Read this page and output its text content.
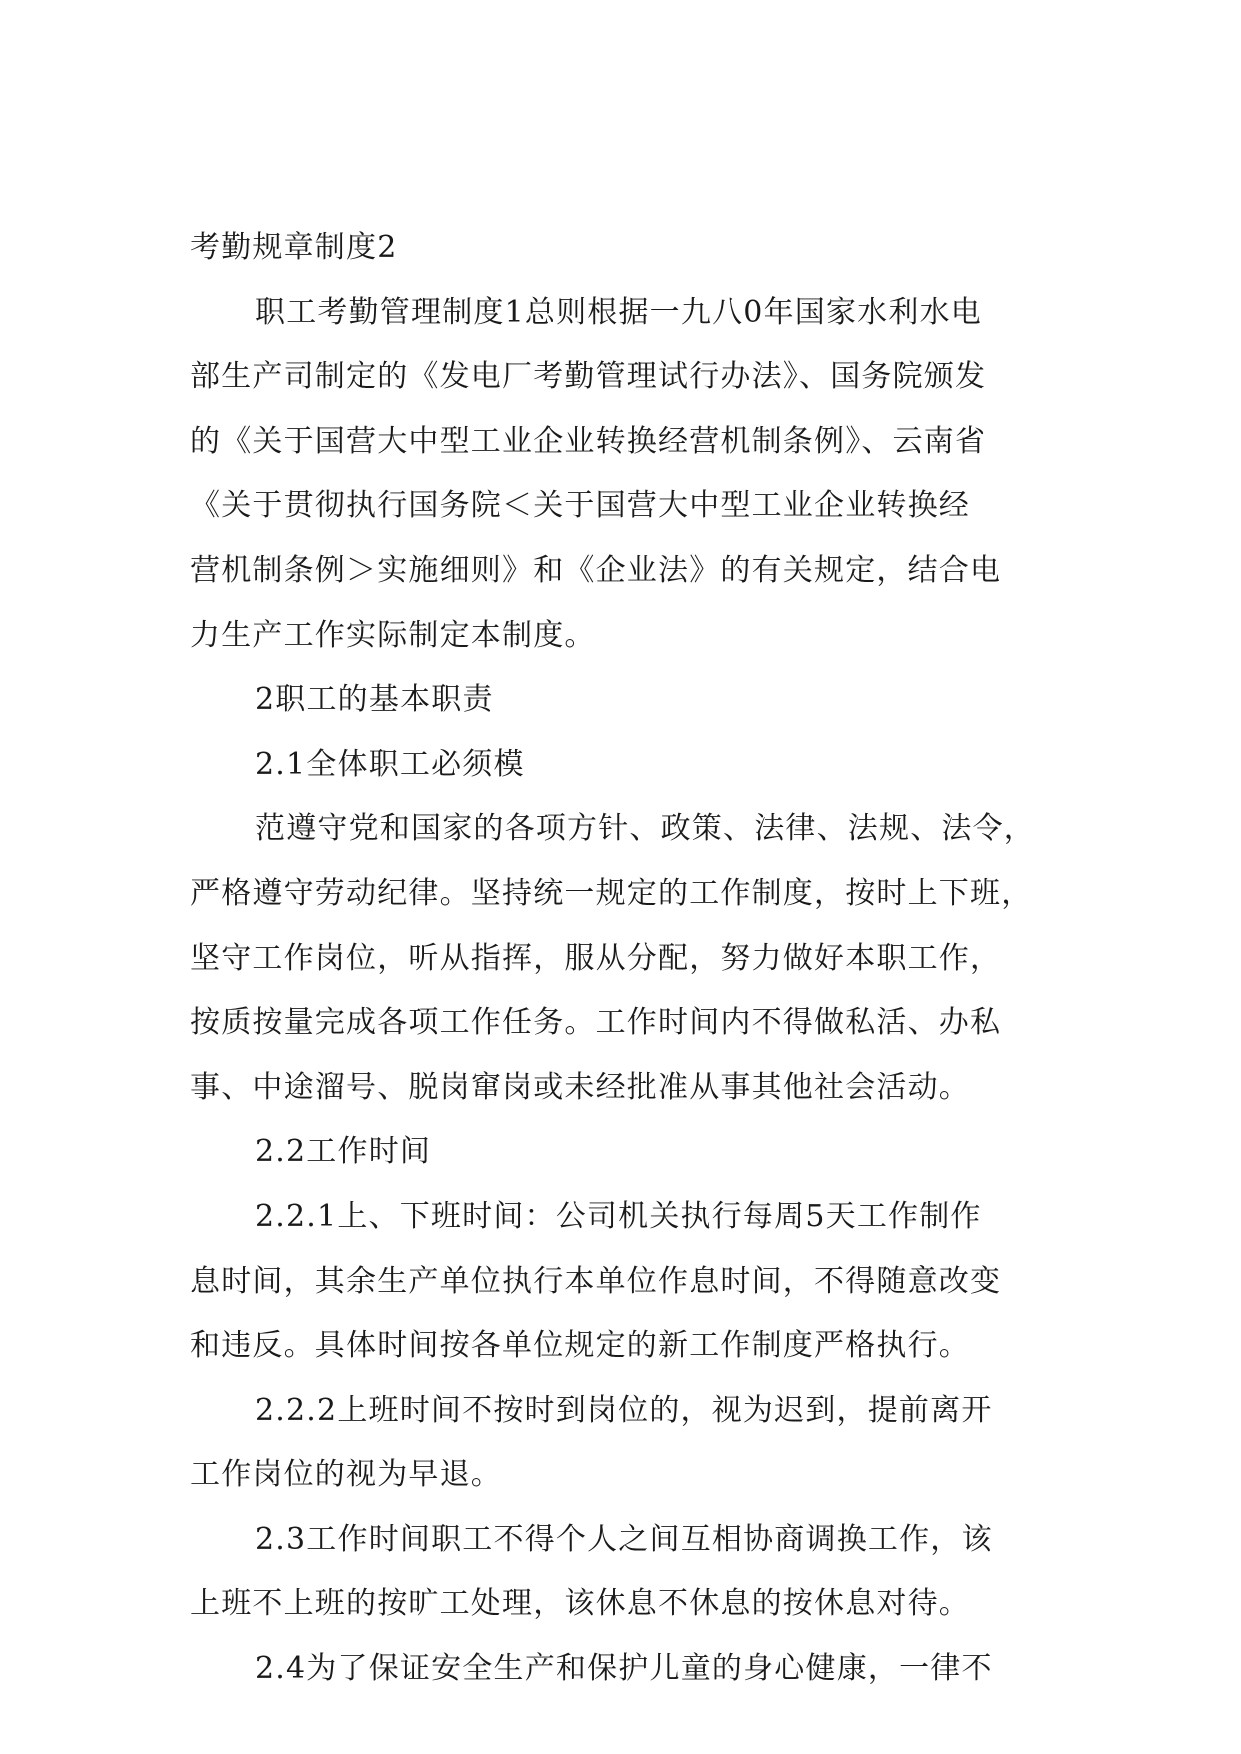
考勤规章制度2
职工考勤管理制度1总则根据一九八0年国家水利水电
部生产司制定的《发电厂考勤管理试行办法》、国务院颁发
的《关于国营大中型工业企业转换经营机制条例》、云南省
《关于贯彻执行国务院＜关于国营大中型工业企业转换经
营机制条例＞实施细则》和《企业法》的有关规定，结合电
力生产工作实际制定本制度。
2职工的基本职责
2.1全体职工必须模
范遵守党和国家的各项方针、政策、法律、法规、法令，
严格遵守劳动纪律。坚持统一规定的工作制度，按时上下班，
坚守工作岗位，听从指挥，服从分配，努力做好本职工作，
按质按量完成各项工作任务。工作时间内不得做私活、办私
事、中途溜号、脱岗窜岗或未经批准从事其他社会活动。
2.2工作时间
2.2.1上、下班时间：公司机关执行每周5天工作制作
息时间，其余生产单位执行本单位作息时间，不得随意改变
和违反。具体时间按各单位规定的新工作制度严格执行。
2.2.2上班时间不按时到岗位的，视为迟到，提前离开
工作岗位的视为早退。
2.3工作时间职工不得个人之间互相协商调换工作，该
上班不上班的按旷工处理，该休息不休息的按休息对待。
2.4为了保证安全生产和保护儿童的身心健康，一律不
